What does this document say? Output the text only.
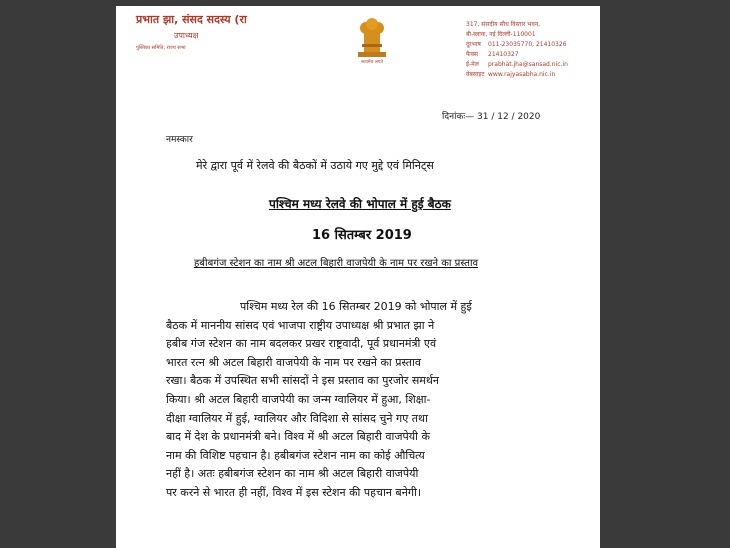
प्रभात झा, संसद सदस्य (रा
उपाध्यक्ष
पुस्तिका समिति, राज्य सभा
सत्यमेव जयते
317, संसदीय सौध विस्तार भवन,
बी-ब्लाक, नई दिल्ली-110001
दूरभाष	011-23035770, 21410326
फैक्स	21410327
ई-मेल	prabhat.jha@sansad.nic.in
वेबसाइट www.rajyasabha.nic.in
दिनांकः— 31 / 12 / 2020
नमस्कार
मेरे द्वारा पूर्व में रेलवे की बैठकों में उठाये गए मुद्दे एवं मिनिट्स
पश्चिम मध्य रेलवे की भोपाल में हुई बैठक
16 सितम्बर 2019
हबीबगंज स्टेशन का नाम श्री अटल बिहारी वाजपेयी के नाम पर रखने का प्रस्ताव
पश्चिम मध्य रेल की 16 सितम्बर 2019 को भोपाल में हुई
बैठक में माननीय सांसद एवं भाजपा राष्ट्रीय उपाध्यक्ष श्री प्रभात झा ने
हबीब गंज स्टेशन का नाम बदलकर प्रखर राष्ट्रवादी, पूर्व प्रधानमंत्री एवं
भारत रत्न श्री अटल बिहारी वाजपेयी के नाम पर रखने का प्रस्ताव
रखा। बैठक में उपस्थित सभी सांसदों ने इस प्रस्ताव का पुरजोर समर्थन
किया। श्री अटल बिहारी वाजपेयी का जन्म ग्वालियर में हुआ, शिक्षा-
दीक्षा ग्वालियर में हुई, ग्वालियर और विदिशा से सांसद चुने गए तथा
बाद में देश के प्रधानमंत्री बने। विश्व में श्री अटल बिहारी वाजपेयी के
नाम की विशिष्ट पहचान है। हबीबगंज स्टेशन नाम का कोई औचित्य
नहीं है। अतः हबीबगंज स्टेशन का नाम श्री अटल बिहारी वाजपेयी
पर करने से भारत ही नहीं, विश्व में इस स्टेशन की पहचान बनेगी।
